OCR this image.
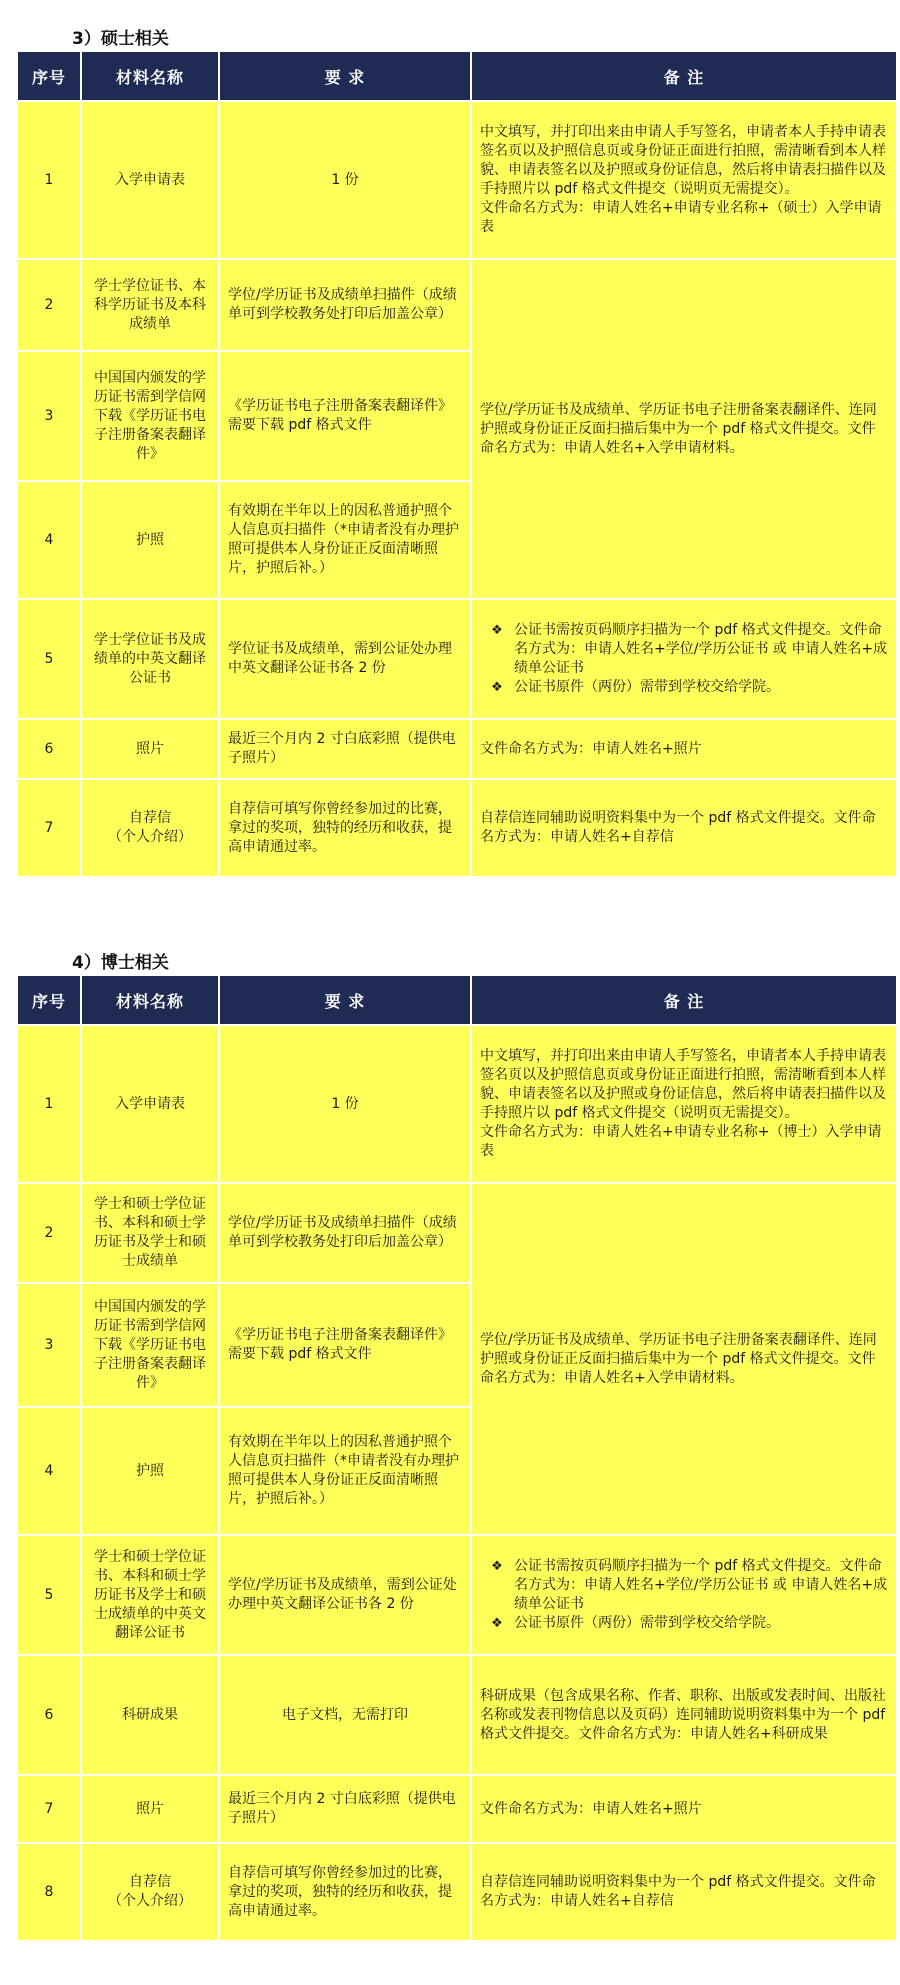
3）硕士相关
序号	材料名称	要 求	备 注
1	入学申请表	1 份	中文填写，并打印出来由申请人手写签名，申请者本人手持申请表签名页以及护照信息页或身份证正面进行拍照，需清晰看到本人样貌、申请表签名以及护照或身份证信息，然后将申请表扫描件以及手持照片以 pdf 格式文件提交（说明页无需提交）。

文件命名方式为：申请人姓名+申请专业名称+（硕士）入学申请表

2	学士学位证书、本科学历证书及本科成绩单	学位/学历证书及成绩单扫描件（成绩单可到学校教务处打印后加盖公章）	学位/学历证书及成绩单、学历证书电子注册备案表翻译件、连同护照或身份证正反面扫描后集中为一个 pdf 格式文件提交。文件命名方式为：申请人姓名+入学申请材料。
3	中国国内颁发的学历证书需到学信网下载《学历证书电子注册备案表翻译件》	《学历证书电子注册备案表翻译件》需要下载 pdf 格式文件	
4	护照	有效期在半年以上的因私普通护照个人信息页扫描件（*申请者没有办理护照可提供本人身份证正反面清晰照片，护照后补。）	
5	学士学位证书及成绩单的中英文翻译公证书	学位证书及成绩单，需到公证处办理中英文翻译公证书各 2 份	❖ 公证书需按页码顺序扫描为一个 pdf 格式文件提交。文件命名方式为：申请人姓名+学位/学历公证书 或 申请人姓名+成绩单公证书
❖ 公证书原件（两份）需带到学校交给学院。

6	照片	最近三个月内 2 寸白底彩照（提供电子照片）	文件命名方式为：申请人姓名+照片
7	自荐信
（个人介绍）	自荐信可填写你曾经参加过的比赛，拿过的奖项，独特的经历和收获，提高申请通过率。	自荐信连同辅助说明资料集中为一个 pdf 格式文件提交。文件命名方式为：申请人姓名+自荐信
4）博士相关
序号	材料名称	要 求	备 注
1	入学申请表	1 份	中文填写，并打印出来由申请人手写签名，申请者本人手持申请表签名页以及护照信息页或身份证正面进行拍照，需清晰看到本人样貌、申请表签名以及护照或身份证信息，然后将申请表扫描件以及手持照片以 pdf 格式文件提交（说明页无需提交）。

文件命名方式为：申请人姓名+申请专业名称+（博士）入学申请表

2	学士和硕士学位证书、本科和硕士学历证书及学士和硕士成绩单	学位/学历证书及成绩单扫描件（成绩单可到学校教务处打印后加盖公章）	学位/学历证书及成绩单、学历证书电子注册备案表翻译件、连同护照或身份证正反面扫描后集中为一个 pdf 格式文件提交。文件命名方式为：申请人姓名+入学申请材料。
3	中国国内颁发的学历证书需到学信网下载《学历证书电子注册备案表翻译件》	《学历证书电子注册备案表翻译件》需要下载 pdf 格式文件	
4	护照	有效期在半年以上的因私普通护照个人信息页扫描件（*申请者没有办理护照可提供本人身份证正反面清晰照片，护照后补。）	
5	学士和硕士学位证书、本科和硕士学历证书及学士和硕士成绩单的中英文翻译公证书	学位/学历证书及成绩单，需到公证处办理中英文翻译公证书各 2 份	❖ 公证书需按页码顺序扫描为一个 pdf 格式文件提交。文件命名方式为：申请人姓名+学位/学历公证书 或 申请人姓名+成绩单公证书
❖ 公证书原件（两份）需带到学校交给学院。

6	科研成果	电子文档，无需打印	科研成果（包含成果名称、作者、职称、出版或发表时间、出版社名称或发表刊物信息以及页码）连同辅助说明资料集中为一个 pdf 格式文件提交。文件命名方式为：申请人姓名+科研成果
7	照片	最近三个月内 2 寸白底彩照（提供电子照片）	文件命名方式为：申请人姓名+照片
8	自荐信
（个人介绍）	自荐信可填写你曾经参加过的比赛，拿过的奖项，独特的经历和收获，提高申请通过率。	自荐信连同辅助说明资料集中为一个 pdf 格式文件提交。文件命名方式为：申请人姓名+自荐信
